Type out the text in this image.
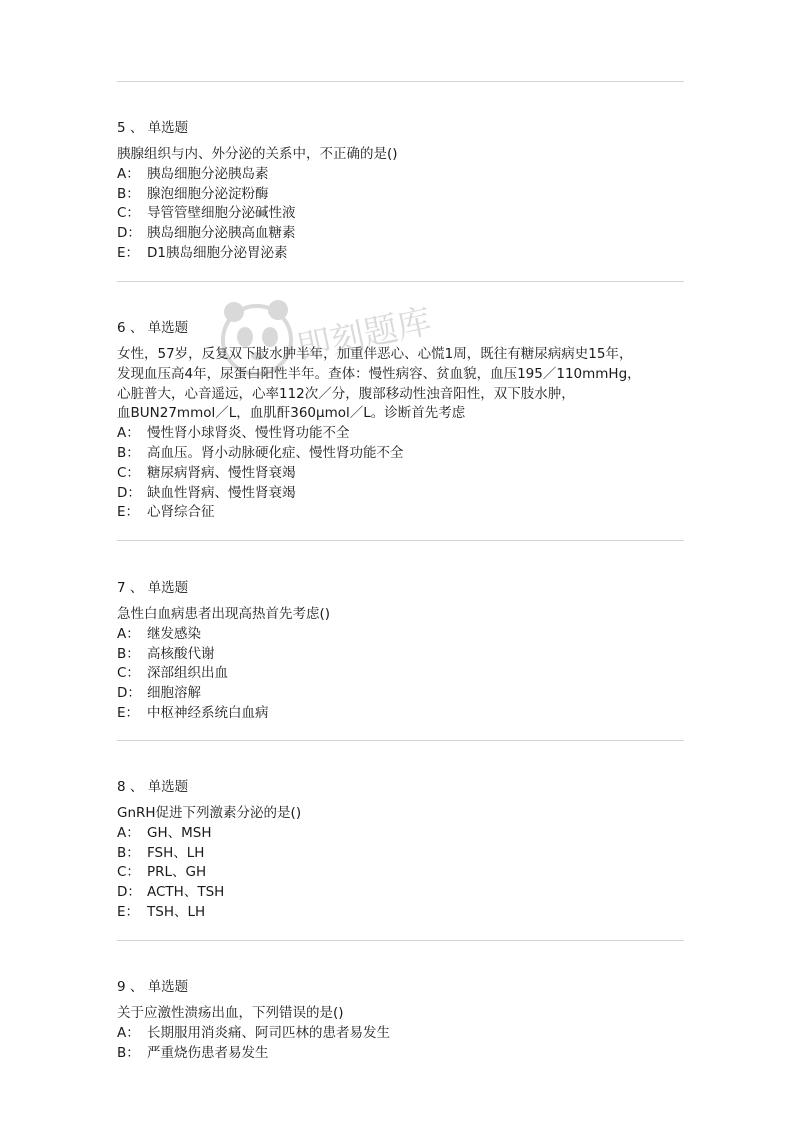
5 、 单选题
胰腺组织与内、外分泌的关系中，不正确的是()
A： 胰岛细胞分泌胰岛素
B： 腺泡细胞分泌淀粉酶
C： 导管管壁细胞分泌碱性液
D： 胰岛细胞分泌胰高血糖素
E： D1胰岛细胞分泌胃泌素
6 、 单选题
女性，57岁，反复双下肢水肿半年，加重伴恶心、心慌1周，既往有糖尿病病史15年，
发现血压高4年，尿蛋白阳性半年。查体：慢性病容、贫血貌，血压195／110mmHg，
心脏普大，心音遥远，心率112次／分，腹部移动性浊音阳性，双下肢水肿，
血BUN27mmol／L，血肌酐360μmol／L。诊断首先考虑
A： 慢性肾小球肾炎、慢性肾功能不全
B： 高血压。肾小动脉硬化症、慢性肾功能不全
C： 糖尿病肾病、慢性肾衰竭
D： 缺血性肾病、慢性肾衰竭
E： 心肾综合征
7 、 单选题
急性白血病患者出现高热首先考虑()
A： 继发感染
B： 高核酸代谢
C： 深部组织出血
D： 细胞溶解
E： 中枢神经系统白血病
8 、 单选题
GnRH促进下列激素分泌的是()
A： GH、MSH
B： FSH、LH
C： PRL、GH
D： ACTH、TSH
E： TSH、LH
9 、 单选题
关于应激性溃疡出血，下列错误的是()
A： 长期服用消炎痛、阿司匹林的患者易发生
B： 严重烧伤患者易发生
即刻题库
